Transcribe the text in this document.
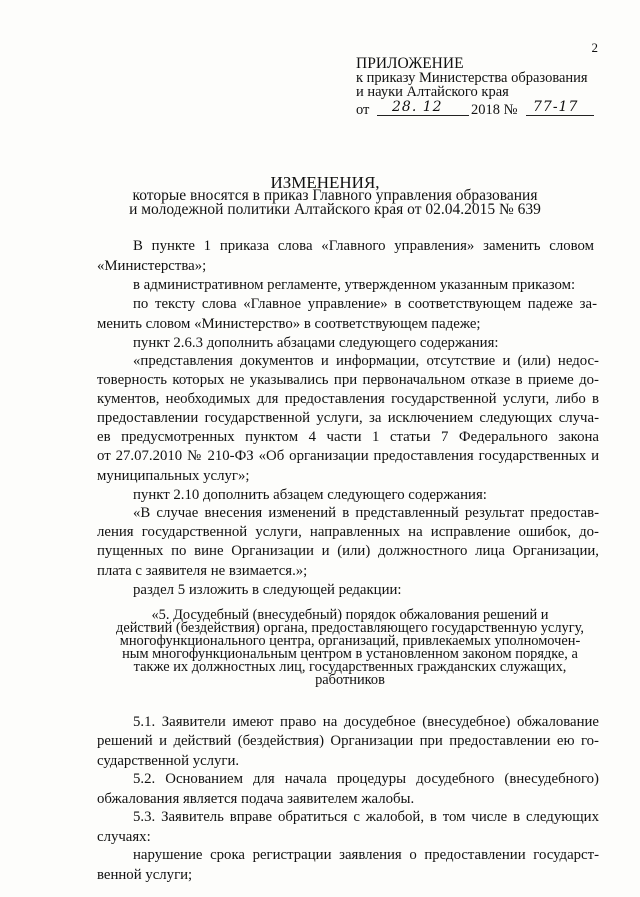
2
ПРИЛОЖЕНИЕ
к приказу Министерства образования
и науки Алтайского края
от 28. 12 2018 № 77-17
ИЗМЕНЕНИЯ,
которые вносятся в приказ Главного управления образования
и молодежной политики Алтайского края от 02.04.2015 № 639
В пункте 1 приказа слова «Главного управления» заменить словом
«Министерства»;
в административном регламенте, утвержденном указанным приказом:
по тексту слова «Главное управление» в соответствующем падеже за-
менить словом «Министерство» в соответствующем падеже;
пункт 2.6.3 дополнить абзацами следующего содержания:
«представления документов и информации, отсутствие и (или) недос-
товерность которых не указывались при первоначальном отказе в приеме до-
кументов, необходимых для предоставления государственной услуги, либо в
предоставлении государственной услуги, за исключением следующих случа-
ев предусмотренных пунктом 4 части 1 статьи 7 Федерального закона
от 27.07.2010 № 210-ФЗ «Об организации предоставления государственных и
муниципальных услуг»;
пункт 2.10 дополнить абзацем следующего содержания:
«В случае внесения изменений в представленный результат предостав-
ления государственной услуги, направленных на исправление ошибок, до-
пущенных по вине Организации и (или) должностного лица Организации,
плата с заявителя не взимается.»;
раздел 5 изложить в следующей редакции:
«5. Досудебный (внесудебный) порядок обжалования решений и
действий (бездействия) органа, предоставляющего государственную услугу,
многофункционального центра, организаций, привлекаемых уполномочен-
ным многофункциональным центром в установленном законом порядке, а
также их должностных лиц, государственных гражданских служащих,
работников
5.1. Заявители имеют право на досудебное (внесудебное) обжалование
решений и действий (бездействия) Организации при предоставлении ею го-
сударственной услуги.
5.2. Основанием для начала процедуры досудебного (внесудебного)
обжалования является подача заявителем жалобы.
5.3. Заявитель вправе обратиться с жалобой, в том числе в следующих
случаях:
нарушение срока регистрации заявления о предоставлении государст-
венной услуги;
